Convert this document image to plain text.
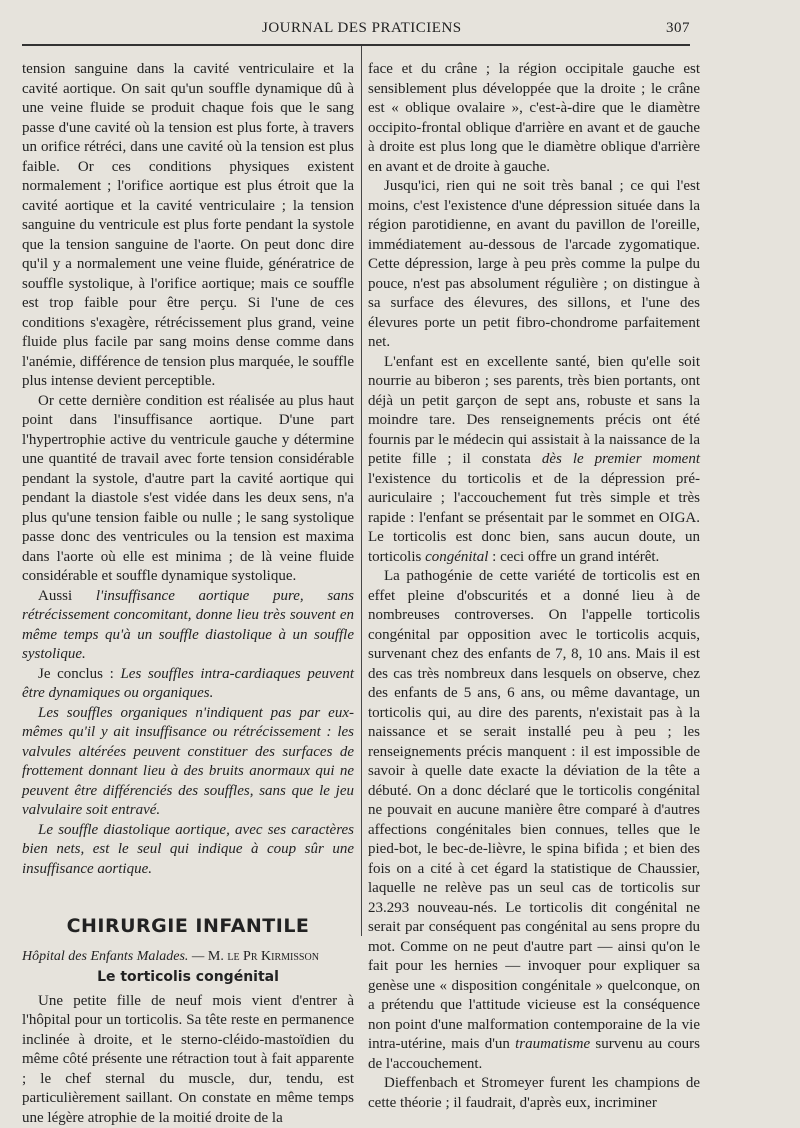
JOURNAL DES PRATICIENS	307

tension sanguine dans la cavité ventriculaire et la cavité aortique. On sait qu'un souffle dynamique dû à une veine fluide se produit chaque fois que le sang passe d'une cavité où la tension est plus forte, à travers un orifice rétréci, dans une cavité où la tension est plus faible. Or ces conditions physiques existent normalement ; l'orifice aortique est plus étroit que la cavité aortique et la cavité ventriculaire ; la tension sanguine du ventricule est plus forte pendant la systole que la tension sanguine de l'aorte. On peut donc dire qu'il y a normalement une veine fluide, génératrice de souffle systolique, à l'orifice aortique; mais ce souffle est trop faible pour être perçu. Si l'une de ces conditions s'exagère, rétrécissement plus grand, veine fluide plus facile par sang moins dense comme dans l'anémie, différence de tension plus marquée, le souffle plus intense devient perceptible.

Or cette dernière condition est réalisée au plus haut point dans l'insuffisance aortique. D'une part l'hypertrophie active du ventricule gauche y détermine une quantité de travail avec forte tension considérable pendant la systole, d'autre part la cavité aortique qui pendant la diastole s'est vidée dans les deux sens, n'a plus qu'une tension faible ou nulle ; le sang systolique passe donc des ventricules ou la tension est maxima dans l'aorte où elle est minima ; de là veine fluide considérable et souffle dynamique systolique.

Aussi l'insuffisance aortique pure, sans rétrécissement concomitant, donne lieu très souvent en même temps qu'à un souffle diastolique à un souffle systolique.

Je conclus : Les souffles intra-cardiaques peuvent être dynamiques ou organiques.

Les souffles organiques n'indiquent pas par eux-mêmes qu'il y ait insuffisance ou rétrécissement : les valvules altérées peuvent constituer des surfaces de frottement donnant lieu à des bruits anormaux qui ne peuvent être différenciés des souffles, sans que le jeu valvulaire soit entravé.

Le souffle diastolique aortique, avec ses caractères bien nets, est le seul qui indique à coup sûr une insuffisance aortique.

CHIRURGIE INFANTILE

Hôpital des Enfants Malades. — M. le Pr Kirmisson

Le torticolis congénital

Une petite fille de neuf mois vient d'entrer à l'hôpital pour un torticolis. Sa tête reste en permanence inclinée à droite, et le sterno-cléido-mastoïdien du même côté présente une rétraction tout à fait apparente ; le chef sternal du muscle, dur, tendu, est particulièrement saillant. On constate en même temps une légère atrophie de la moitié droite de la

face et du crâne ; la région occipitale gauche est sensiblement plus développée que la droite ; le crâne est « oblique ovalaire », c'est-à-dire que le diamètre occipito-frontal oblique d'arrière en avant et de gauche à droite est plus long que le diamètre oblique d'arrière en avant et de droite à gauche.

Jusqu'ici, rien qui ne soit très banal ; ce qui l'est moins, c'est l'existence d'une dépression située dans la région parotidienne, en avant du pavillon de l'oreille, immédiatement au-dessous de l'arcade zygomatique. Cette dépression, large à peu près comme la pulpe du pouce, n'est pas absolument régulière ; on distingue à sa surface des élevures, des sillons, et l'une des élevures porte un petit fibro-chondrome parfaitement net.

L'enfant est en excellente santé, bien qu'elle soit nourrie au biberon ; ses parents, très bien portants, ont déjà un petit garçon de sept ans, robuste et sans la moindre tare. Des renseignements précis ont été fournis par le médecin qui assistait à la naissance de la petite fille ; il constata dès le premier moment l'existence du torticolis et de la dépression pré-auriculaire ; l'accouchement fut très simple et très rapide : l'enfant se présentait par le sommet en OIGA. Le torticolis est donc bien, sans aucun doute, un torticolis congénital : ceci offre un grand intérêt.

La pathogénie de cette variété de torticolis est en effet pleine d'obscurités et a donné lieu à de nombreuses controverses. On l'appelle torticolis congénital par opposition avec le torticolis acquis, survenant chez des enfants de 7, 8, 10 ans. Mais il est des cas très nombreux dans lesquels on observe, chez des enfants de 5 ans, 6 ans, ou même davantage, un torticolis qui, au dire des parents, n'existait pas à la naissance et se serait installé peu à peu ; les renseignements précis manquent : il est impossible de savoir à quelle date exacte la déviation de la tête a débuté. On a donc déclaré que le torticolis congénital ne pouvait en aucune manière être comparé à d'autres affections congénitales bien connues, telles que le pied-bot, le bec-de-lièvre, le spina bifida ; et bien des fois on a cité à cet égard la statistique de Chaussier, laquelle ne relève pas un seul cas de torticolis sur 23.293 nouveau-nés. Le torticolis dit congénital ne serait par conséquent pas congénital au sens propre du mot. Comme on ne peut d'autre part — ainsi qu'on le fait pour les hernies — invoquer pour expliquer sa genèse une « disposition congénitale » quelconque, on a prétendu que l'attitude vicieuse est la conséquence non point d'une malformation contemporaine de la vie intra-utérine, mais d'un traumatisme survenu au cours de l'accouchement.

Dieffenbach et Stromeyer furent les champions de cette théorie ; il faudrait, d'après eux, incriminer
